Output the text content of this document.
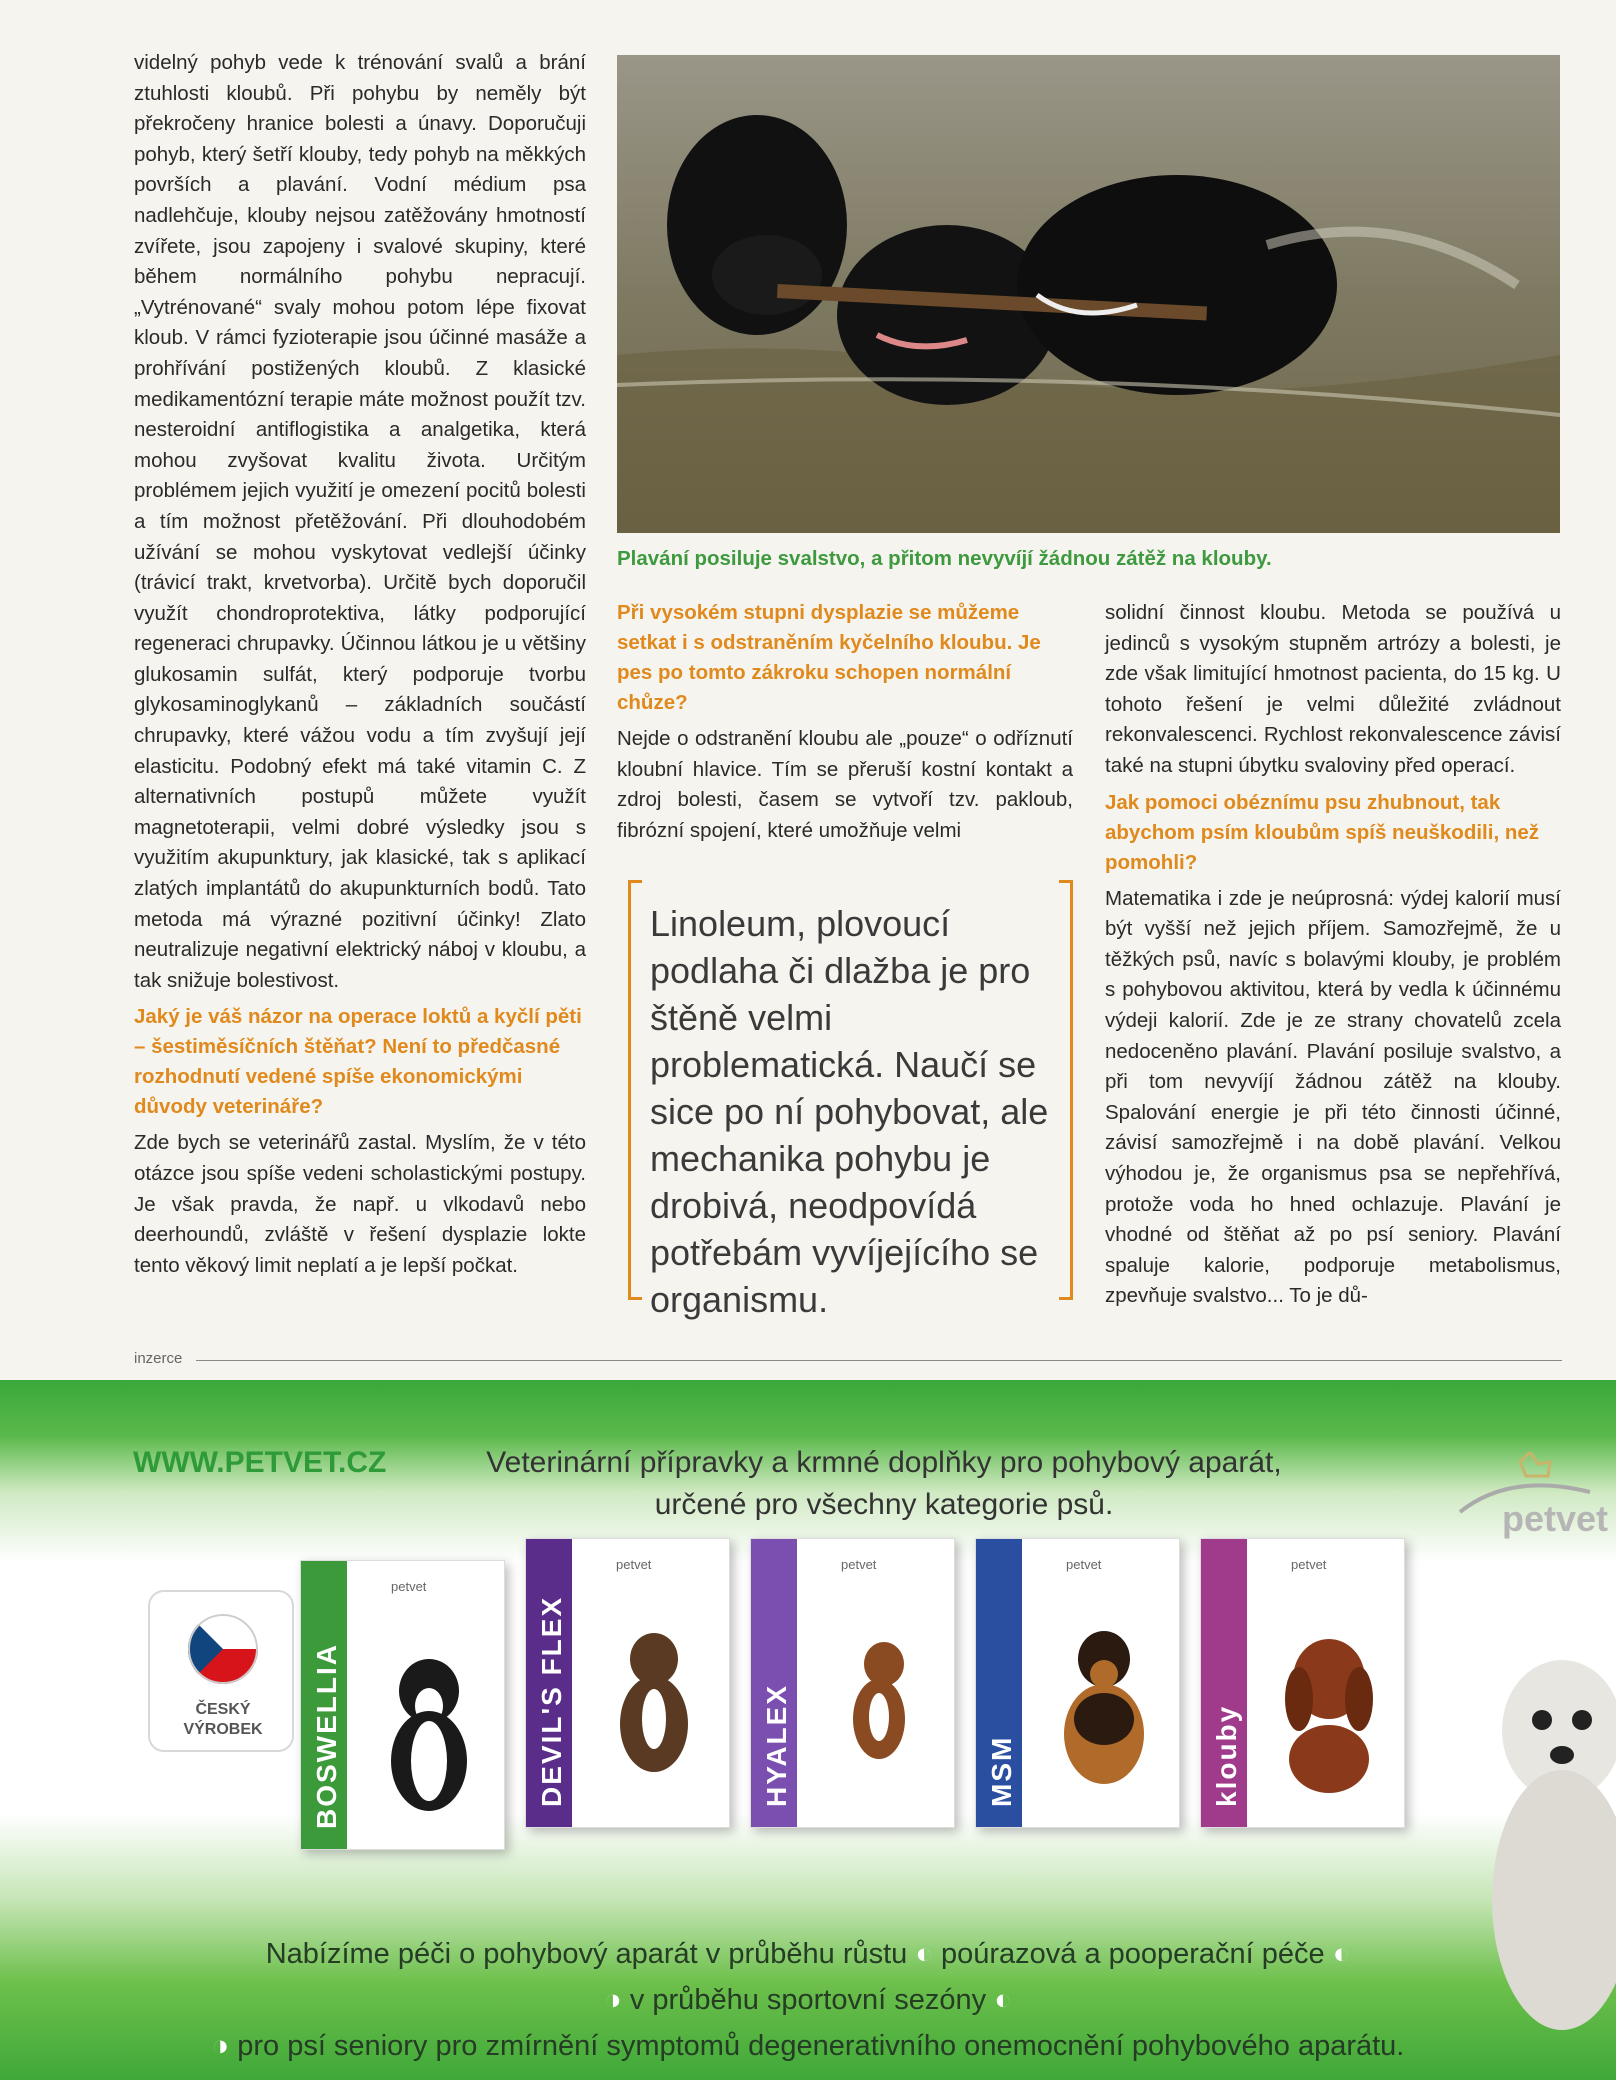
videlný pohyb vede k trénování svalů a brání ztuhlosti kloubů. Při pohybu by neměly být překročeny hranice bolesti a únavy. Doporučuji pohyb, který šetří klouby, tedy pohyb na měkkých površích a plavání. Vodní médium psa nadlehčuje, klouby nejsou zatěžovány hmotností zvířete, jsou zapojeny i svalové skupiny, které během normálního pohybu nepracují. „Vytrénované“ svaly mohou potom lépe fixovat kloub. V rámci fyzioterapie jsou účinné masáže a prohřívání postižených kloubů. Z klasické medikamentózní terapie máte možnost použít tzv. nesteroidní antiflogistika a analgetika, která mohou zvyšovat kvalitu života. Určitým problémem jejich využití je omezení pocitů bolesti a tím možnost přetěžování. Při dlouhodobém užívání se mohou vyskytovat vedlejší účinky (trávicí trakt, krvetvorba). Určitě bych doporučil využít chondroprotektiva, látky podporující regeneraci chrupavky. Účinnou látkou je u většiny glukosamin sulfát, který podporuje tvorbu glykosaminoglykanů – základních součástí chrupavky, které vážou vodu a tím zvyšují její elasticitu. Podobný efekt má také vitamin C. Z alternativních postupů můžete využít magnetoterapii, velmi dobré výsledky jsou s využitím akupunktury, jak klasické, tak s aplikací zlatých implantátů do akupunkturních bodů. Tato metoda má výrazné pozitivní účinky! Zlato neutralizuje negativní elektrický náboj v kloubu, a tak snižuje bolestivost.

Jaký je váš názor na operace loktů a kyčlí pěti – šestiměsíčních štěňat? Není to předčasné rozhodnutí vedené spíše ekonomickými důvody veterináře?

Zde bych se veterinářů zastal. Myslím, že v této otázce jsou spíše vedeni scholastickými postupy. Je však pravda, že např. u vlkodavů nebo deerhoundů, zvláště v řešení dysplazie lokte tento věkový limit neplatí a je lepší počkat.

Plavání posiluje svalstvo, a přitom nevyvíjí žádnou zátěž na klouby.

Při vysokém stupni dysplazie se můžeme setkat i s odstraněním kyčelního kloubu. Je pes po tomto zákroku schopen normální chůze?

Nejde o odstranění kloubu ale „pouze“ o odříznutí kloubní hlavice. Tím se přeruší kostní kontakt a zdroj bolesti, časem se vytvoří tzv. pakloub, fibrózní spojení, které umožňuje velmi

Linoleum, plovoucí podlaha či dlažba je pro štěně velmi problematická. Naučí se sice po ní pohybovat, ale mechanika pohybu je drobivá, neodpovídá potřebám vyvíjejícího se organismu.

solidní činnost kloubu. Metoda se používá u jedinců s vysokým stupněm artrózy a bolesti, je zde však limitující hmotnost pacienta, do 15 kg. U tohoto řešení je velmi důležité zvládnout rekonvalescenci. Rychlost rekonvalescence závisí také na stupni úbytku svaloviny před operací.

Jak pomoci obéznímu psu zhubnout, tak abychom psím kloubům spíš neuškodili, než pomohli?

Matematika i zde je neúprosná: výdej kalorií musí být vyšší než jejich příjem. Samozřejmě, že u těžkých psů, navíc s bolavými klouby, je problém s pohybovou aktivitou, která by vedla k účinnému výdeji kalorií. Zde je ze strany chovatelů zcela nedoceněno plavání. Plavání posiluje svalstvo, a při tom nevyvíjí žádnou zátěž na klouby. Spalování energie je při této činnosti účinné, závisí samozřejmě i na době plavání. Velkou výhodou je, že organismus psa se nepřehřívá, protože voda ho hned ochlazuje. Plavání je vhodné od štěňat až po psí seniory. Plavání spaluje kalorie, podporuje metabolismus, zpevňuje svalstvo... To je dů-

inzerce
WWW.PETVET.CZ	Veterinární přípravky a krmné doplňky pro pohybový aparát,
určené pro všechny kategorie psů.	petvet
ČESKÝ
VÝROBEK	BOSWELLIA
petvet
DEVIL'S FLEX
petvet
HYALEX
petvet
MSM
petvet
klouby
petvet
Nabízíme péči o pohybový aparát v průběhu růstu ◐ poúrazová a pooperační péče ◐
◑ v průběhu sportovní sezóny ◐
◑ pro psí seniory pro zmírnění symptomů degenerativního onemocnění pohybového aparátu.
